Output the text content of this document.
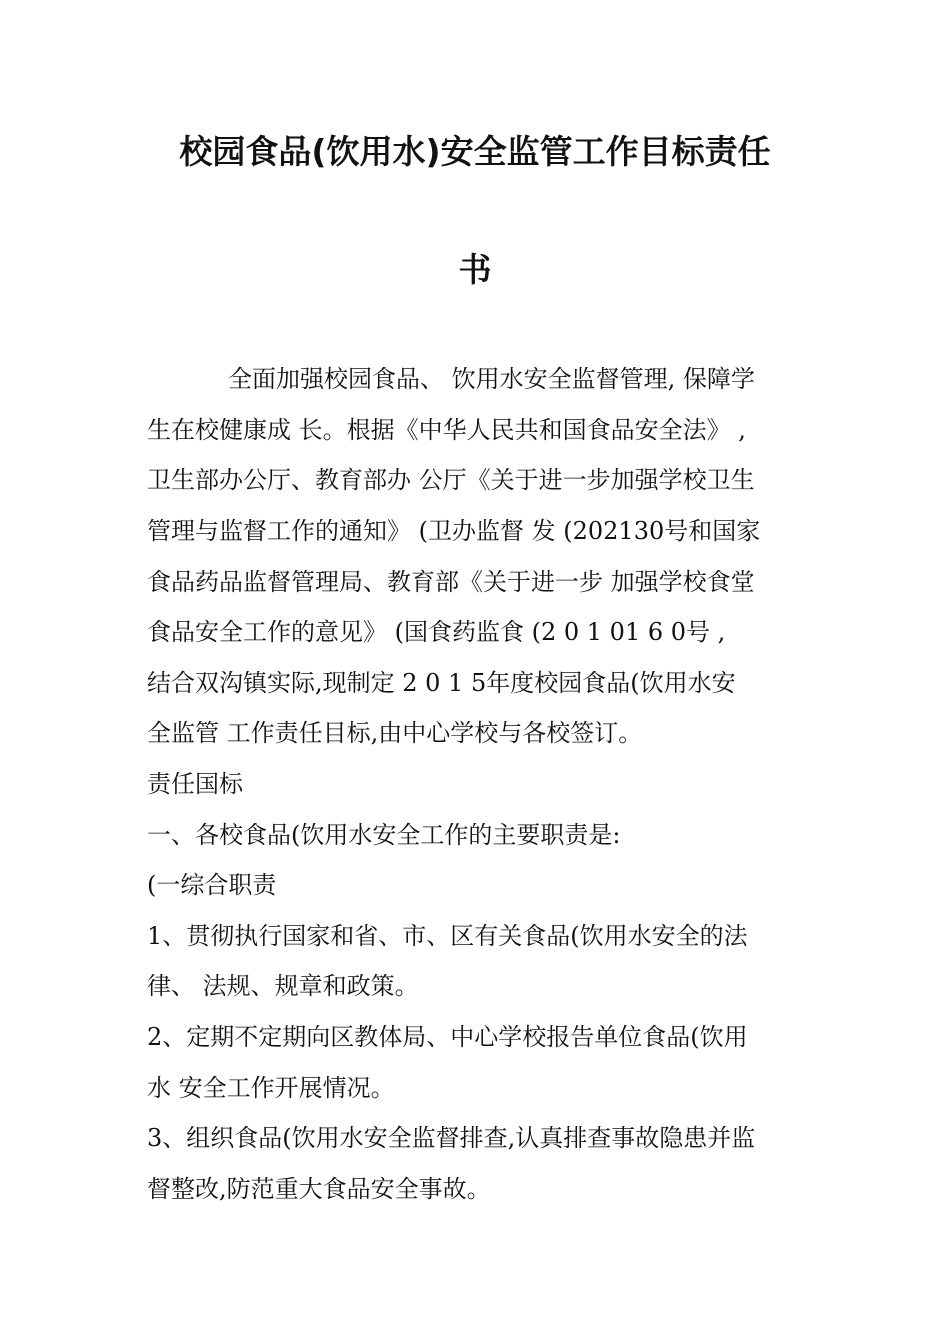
校园食品(饮用水)安全监管工作目标责任
书

全面加强校园食品、 饮用水安全监督管理, 保障学

生在校健康成 长。根据《中华人民共和国食品安全法》 ,

卫生部办公厅、教育部办 公厅《关于进一步加强学校卫生

管理与监督工作的通知》 (卫办监督 发 (202130号和国家

食品药品监督管理局、教育部《关于进一步 加强学校食堂

食品安全工作的意见》 (国食药监食 (2 0 1 01 6 0号 ,

结合双沟镇实际,现制定 2 0 1 5年度校园食品(饮用水安

全监管 工作责任目标,由中心学校与各校签订。

责任国标

一、各校食品(饮用水安全工作的主要职责是:

(一综合职责

1、贯彻执行国家和省、市、区有关食品(饮用水安全的法

律、 法规、规章和政策。

2、定期不定期向区教体局、中心学校报告单位食品(饮用

水 安全工作开展情况。

3、组织食品(饮用水安全监督排查,认真排查事故隐患并监

督整改,防范重大食品安全事故。
